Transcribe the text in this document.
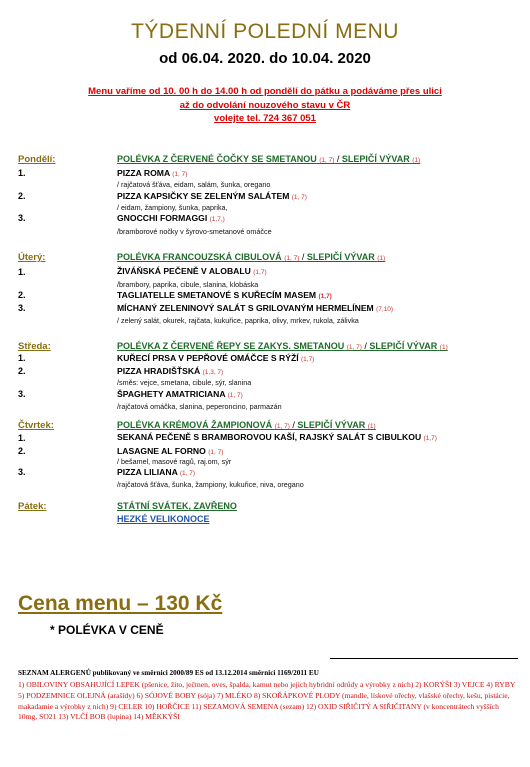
TÝDENNÍ POLEDNÍ MENU
od 06.04. 2020. do 10.04. 2020
Menu vaříme od 10. 00 h do 14.00 h od pondělí do pátku a podáváme přes ulici
až do odvolání nouzového stavu v ČR
volejte tel. 724 367 051
Pondělí:	POLÉVKA Z ČERVENÉ ČOČKY SE SMETANOU (1, 7) / SLEPIČÍ VÝVAR (1)
1.	PIZZA ROMA (1, 7)
/ rajčatová šťáva, eidam, salám, šunka, oregano
2.	PIZZA KAPSIČKY SE ZELENÝM SALÁTEM (1, 7)
/ eidam, žampiony, šunka, paprika,
3.	GNOCCHI FORMAGGI (1,7,)
/bramborové nočky v šyrovo-smetanové omáčce
Úterý:	POLÉVKA FRANCOUZSKÁ CIBULOVÁ (1, 7) / SLEPIČÍ VÝVAR (1)
1.	ŽIVÁŇSKÁ PEČENĚ V ALOBALU (1,7)
/brambory, paprika, cibule, slanina, klobáska
2.	TAGLIATELLE SMETANOVÉ S KUŘECÍM MASEM (1,7)
3.	MÍCHANÝ ZELENINOVÝ SALÁT S GRILOVANÝM HERMELÍNEM (7,10)
/ zelený salát, okurek, rajčata, kukuřice, paprika, olivy, mrkev, rukola, zálivka
Středa:	POLÉVKA Z ČERVENÉ ŘEPY SE ZAKYS. SMETANOU (1, 7) / SLEPIČÍ VÝVAR (1)
1.	KUŘECÍ PRSA V PEPŘOVÉ OMÁČCE S RÝŽÍ (1,7)
2.	PIZZA HRADIŠŤSKÁ (1,3, 7)
/směs: vejce, smetana, cibule, sýr, slanina
3.	ŠPAGHETY AMATRICIANA (1, 7)
/rajčatová omáčka, slanina, peperoncino, parmazán
Čtvrtek:	POLÉVKA KRÉMOVÁ ŽAMPIONOVÁ (1, 7) / SLEPIČÍ VÝVAR (1)
1.	SEKANÁ PEČENĚ S BRAMBOROVOU KAŠÍ, RAJSKÝ SALÁT S CIBULKOU (1,7)
2.	LASAGNE AL FORNO (1, 7)
/ bešamel, masové ragů, raj.om, sýr
3.	PIZZA LILIANA (1, 7)
/rajčatová šťáva, šunka, žampiony, kukuřice, niva, oregano
Pátek:	STÁTNÍ SVÁTEK, ZAVŘENO
HEZKÉ VELIKONOCE
Cena menu – 130 Kč
* POLÉVKA V CENĚ
SEZNAM ALERGENŮ publikovaný ve směrnici 2000/89 ES od 13.12.2014 směrnici 1169/2011 EU
1) OBILOVINY OBSAHUJÍCÍ LEPEK (pšenice, žito, ječmen, oves, špalda, kamut nebo jejich hybridní odrůdy a výrobky z nich) 2) KORÝŠI 3) VEJCE 4) RYBY 5) PODZEMNICE OLEJNÁ (arašídy) 6) SÓJOVÉ BOBY (sója) 7) MLÉKO 8) SKOŘÁPKOVÉ PLODY (mandle, lískové ořechy, vlašské ořechy, kešu, pistácie, makadamie a výrobky z nich) 9) CELER 10) HOŘČICE 11) SEZAMOVÁ SEMENA (sezam) 12) OXID SIŘIČITÝ A SIŘIČITANY (v koncentrátech vyšších 10mg, SO21 13) VLČÍ BOB (lupina) 14) MĚKKÝŠI
